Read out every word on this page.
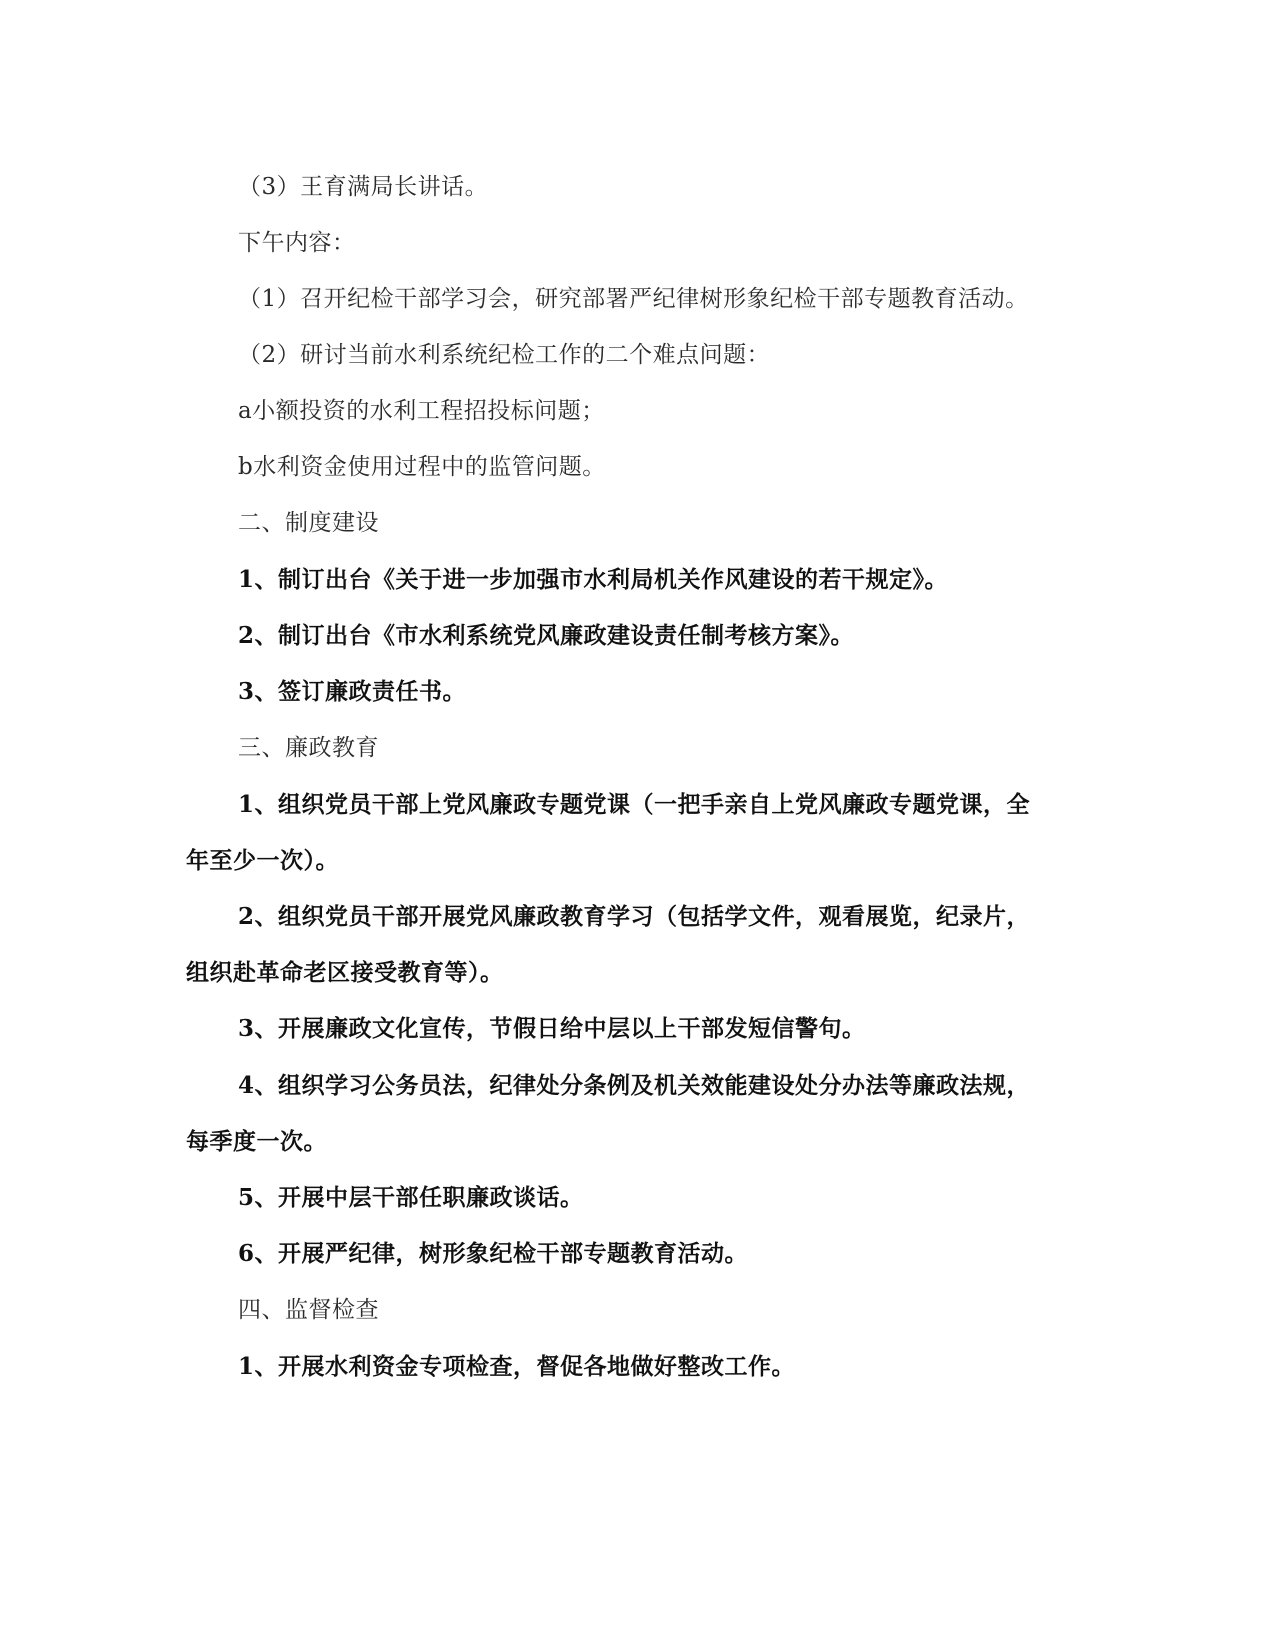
（3）王育满局长讲话。
下午内容：
（1）召开纪检干部学习会，研究部署严纪律树形象纪检干部专题教育活动。
（2）研讨当前水利系统纪检工作的二个难点问题：
a小额投资的水利工程招投标问题；
b水利资金使用过程中的监管问题。
二、制度建设
1、制订出台《关于进一步加强市水利局机关作风建设的若干规定》。
2、制订出台《市水利系统党风廉政建设责任制考核方案》。
3、签订廉政责任书。
三、廉政教育
1、组织党员干部上党风廉政专题党课（一把手亲自上党风廉政专题党课，全
年至少一次）。
2、组织党员干部开展党风廉政教育学习（包括学文件，观看展览，纪录片，
组织赴革命老区接受教育等）。
3、开展廉政文化宣传，节假日给中层以上干部发短信警句。
4、组织学习公务员法，纪律处分条例及机关效能建设处分办法等廉政法规，
每季度一次。
5、开展中层干部任职廉政谈话。
6、开展严纪律，树形象纪检干部专题教育活动。
四、监督检查
1、开展水利资金专项检查，督促各地做好整改工作。
